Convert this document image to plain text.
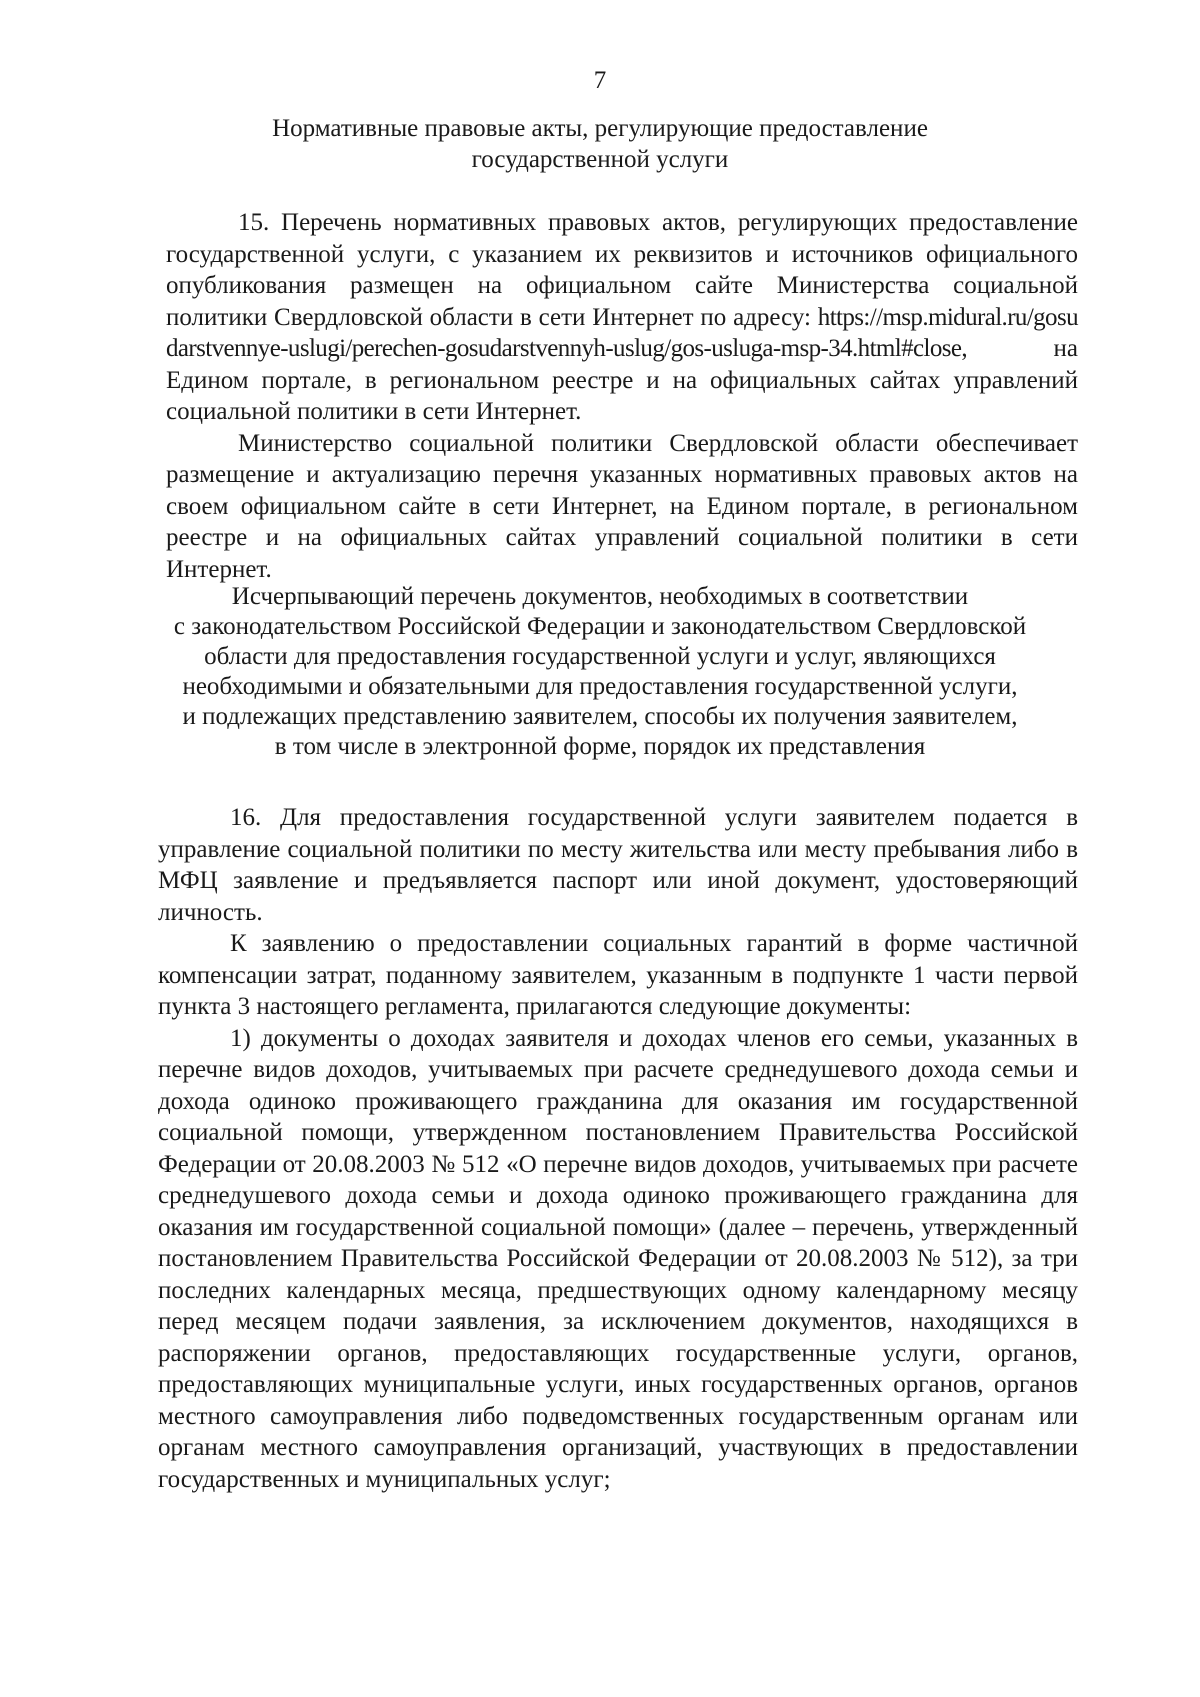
7
Нормативные правовые акты, регулирующие предоставление
государственной услуги

15. Перечень нормативных правовых актов, регулирующих предоставление государственной услуги, с указанием их реквизитов и источников официального опубликования размещен на официальном сайте Министерства социальной политики Свердловской области в сети Интернет по адресу: https://msp.midural.ru/gosudarstvennye-uslugi/perechen-gosudarstvennyh-uslug/gos-usluga-msp-34.html#close, на Едином портале, в региональном реестре и на официальных сайтах управлений социальной политики в сети Интернет.

Министерство социальной политики Свердловской области обеспечивает размещение и актуализацию перечня указанных нормативных правовых актов на своем официальном сайте в сети Интернет, на Едином портале, в региональном реестре и на официальных сайтах управлений социальной политики в сети Интернет.

Исчерпывающий перечень документов, необходимых в соответствии
с законодательством Российской Федерации и законодательством Свердловской
области для предоставления государственной услуги и услуг, являющихся
необходимыми и обязательными для предоставления государственной услуги,
и подлежащих представлению заявителем, способы их получения заявителем,
в том числе в электронной форме, порядок их представления

16. Для предоставления государственной услуги заявителем подается в управление социальной политики по месту жительства или месту пребывания либо в МФЦ заявление и предъявляется паспорт или иной документ, удостоверяющий личность.

К заявлению о предоставлении социальных гарантий в форме частичной компенсации затрат, поданному заявителем, указанным в подпункте 1 части первой пункта 3 настоящего регламента, прилагаются следующие документы:

1) документы о доходах заявителя и доходах членов его семьи, указанных в перечне видов доходов, учитываемых при расчете среднедушевого дохода семьи и дохода одиноко проживающего гражданина для оказания им государственной социальной помощи, утвержденном постановлением Правительства Российской Федерации от 20.08.2003 № 512 «О перечне видов доходов, учитываемых при расчете среднедушевого дохода семьи и дохода одиноко проживающего гражданина для оказания им государственной социальной помощи» (далее – перечень, утвержденный постановлением Правительства Российской Федерации от 20.08.2003 № 512), за три последних календарных месяца, предшествующих одному календарному месяцу перед месяцем подачи заявления, за исключением документов, находящихся в распоряжении органов, предоставляющих государственные услуги, органов, предоставляющих муниципальные услуги, иных государственных органов, органов местного самоуправления либо подведомственных государственным органам или органам местного самоуправления организаций, участвующих в предоставлении государственных и муниципальных услуг;
